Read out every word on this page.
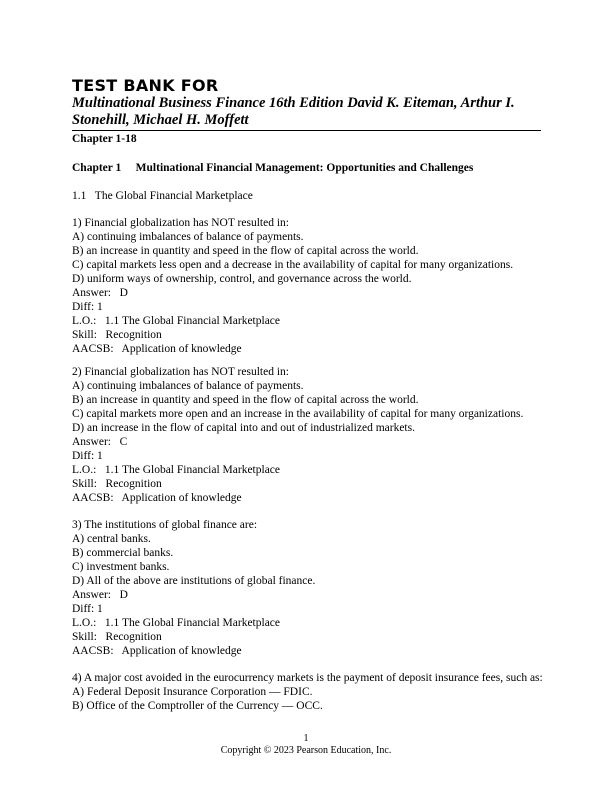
TEST BANK FOR
Multinational Business Finance 16th Edition David K. Eiteman, Arthur I. Stonehill, Michael H. Moffett
Chapter 1-18
Chapter 1     Multinational Financial Management: Opportunities and Challenges
1.1   The Global Financial Marketplace
1) Financial globalization has NOT resulted in:
A) continuing imbalances of balance of payments.
B) an increase in quantity and speed in the flow of capital across the world.
C) capital markets less open and a decrease in the availability of capital for many organizations.
D) uniform ways of ownership, control, and governance across the world.
Answer:   D
Diff: 1
L.O.:   1.1 The Global Financial Marketplace
Skill:   Recognition
AACSB:   Application of knowledge
2) Financial globalization has NOT resulted in:
A) continuing imbalances of balance of payments.
B) an increase in quantity and speed in the flow of capital across the world.
C) capital markets more open and an increase in the availability of capital for many organizations.
D) an increase in the flow of capital into and out of industrialized markets.
Answer:   C
Diff: 1
L.O.:   1.1 The Global Financial Marketplace
Skill:   Recognition
AACSB:   Application of knowledge
3) The institutions of global finance are:
A) central banks.
B) commercial banks.
C) investment banks.
D) All of the above are institutions of global finance.
Answer:   D
Diff: 1
L.O.:   1.1 The Global Financial Marketplace
Skill:   Recognition
AACSB:   Application of knowledge
4) A major cost avoided in the eurocurrency markets is the payment of deposit insurance fees, such as:
A) Federal Deposit Insurance Corporation — FDIC.
B) Office of the Comptroller of the Currency — OCC.
1
Copyright © 2023 Pearson Education, Inc.
